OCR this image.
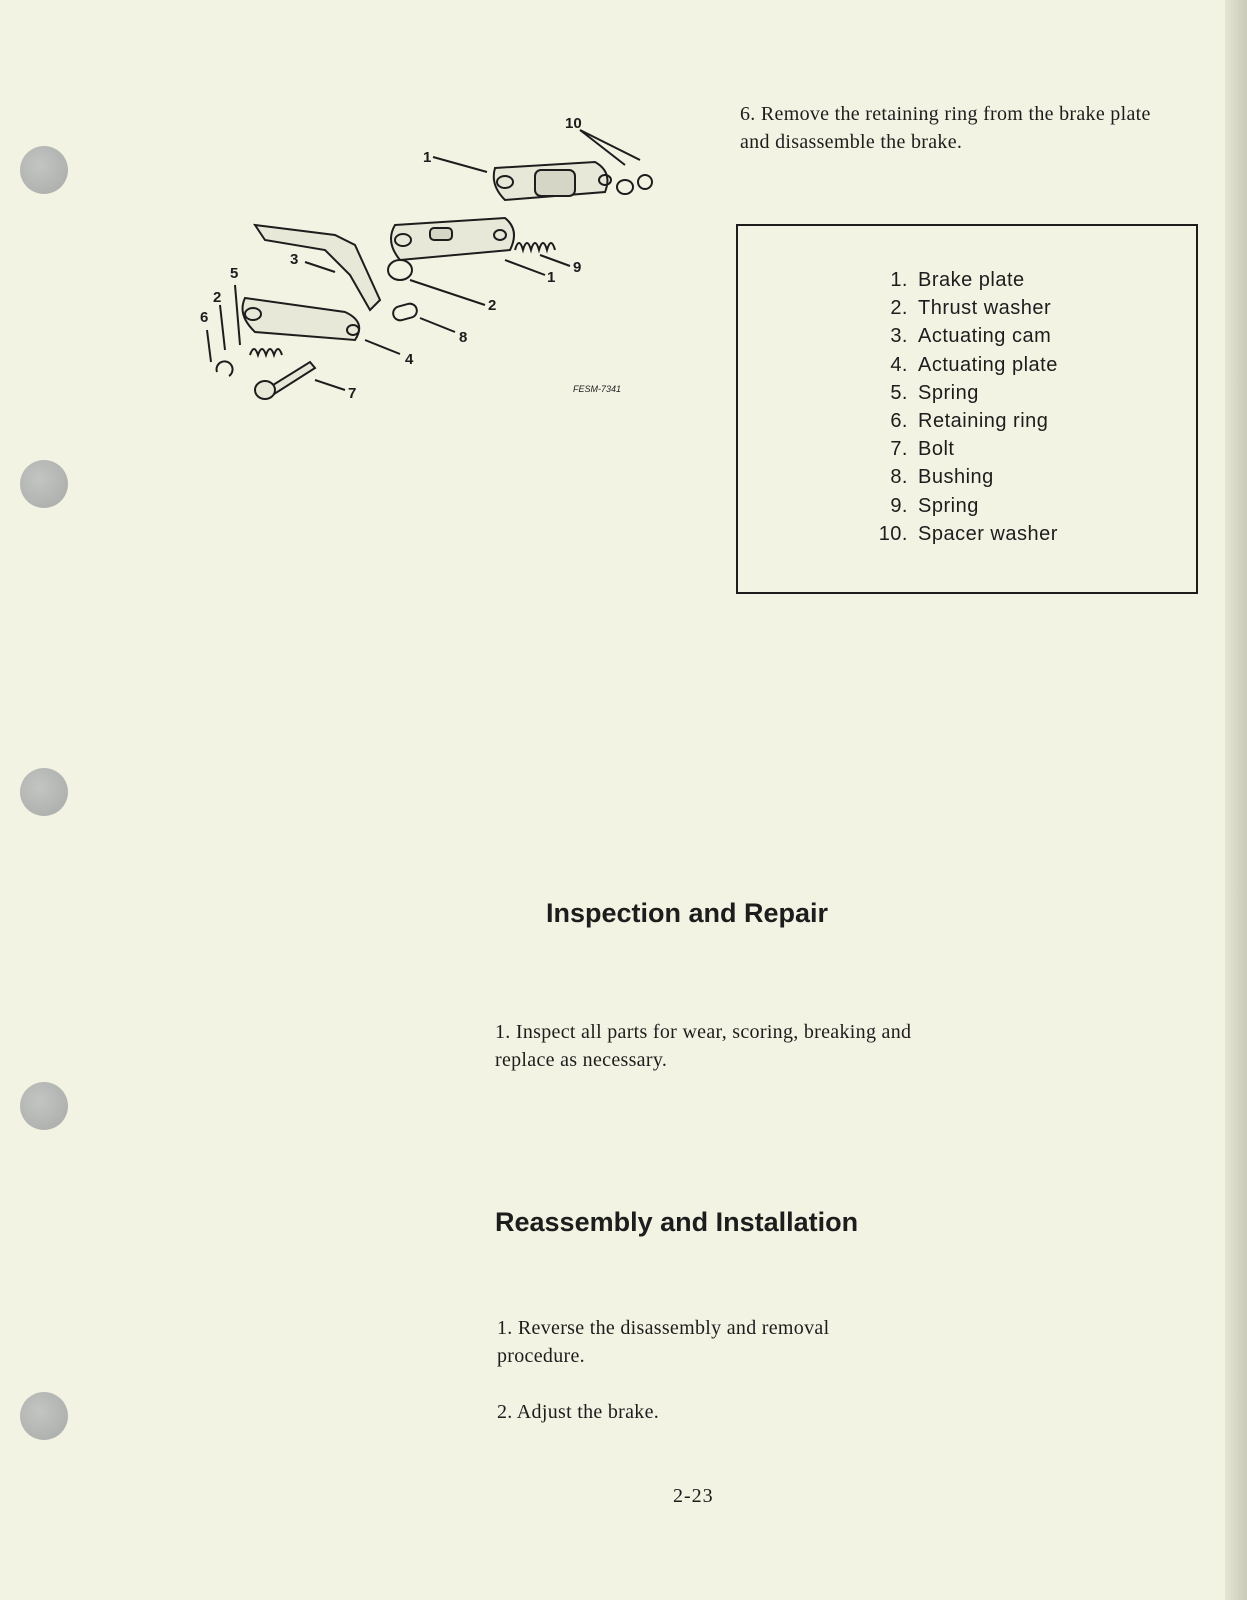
1
1
2
2
3
4
5
6
7
8
9
10
FESM-7341

6. Remove the retaining ring from the brake plate and disassemble the brake.

1. Brake plate
2. Thrust washer
3. Actuating cam
4. Actuating plate
5. Spring
6. Retaining ring
7. Bolt
8. Bushing
9. Spring
10. Spacer washer
Inspection and Repair

1. Inspect all parts for wear, scoring, breaking and replace as necessary.

Reassembly and Installation

1. Reverse the disassembly and removal procedure.

2. Adjust the brake.

2-23
